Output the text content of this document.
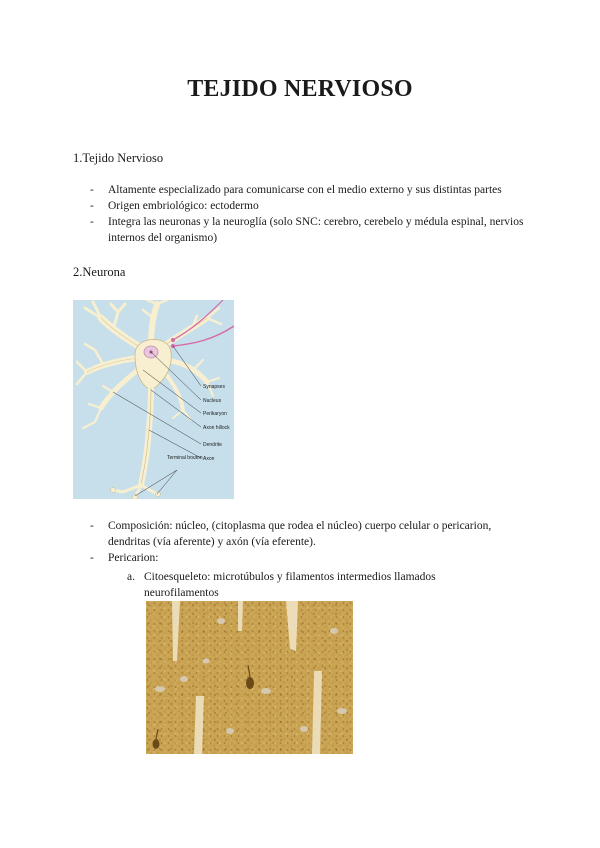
TEJIDO NERVIOSO
1.Tejido Nervioso
- Altamente especializado para comunicarse con el medio externo y sus distintas partes
- Origen embriológico: ectodermo
- Integra las neuronas y la neuroglía (solo SNC: cerebro, cerebelo y médula espinal, nervios internos del organismo)
2.Neurona
Synapses
Nucleus
Perikaryon
Axon hillock
Dendrite
Axon
Terminal bouton
- Composición: núcleo, (citoplasma que rodea el núcleo) cuerpo celular o pericarion, dendritas (vía aferente) y axón (vía eferente).
- Pericarion:
a. Citoesqueleto: microtúbulos y filamentos intermedios llamados neurofilamentos
